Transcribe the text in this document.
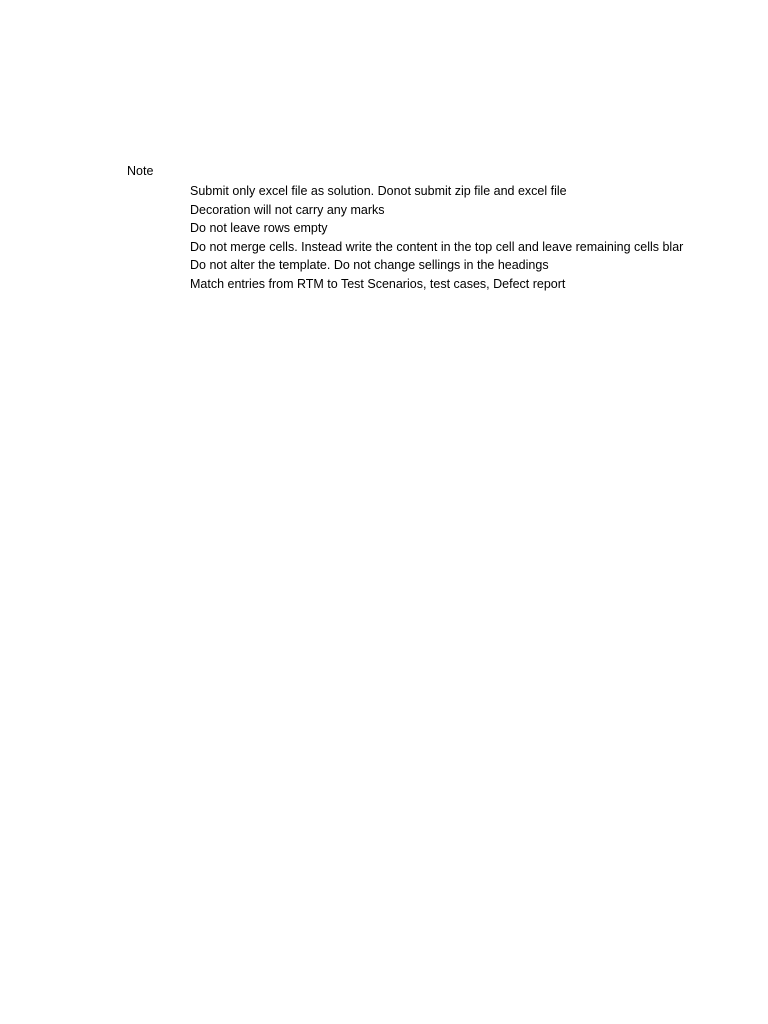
Note
Submit only excel file as solution. Donot submit zip file and excel file
Decoration will not carry any marks
Do not leave rows empty
Do not merge cells. Instead write the content in the top cell and leave remaining cells blar
Do not alter the template. Do not change sellings in the headings
Match entries from RTM to Test Scenarios, test cases, Defect report
